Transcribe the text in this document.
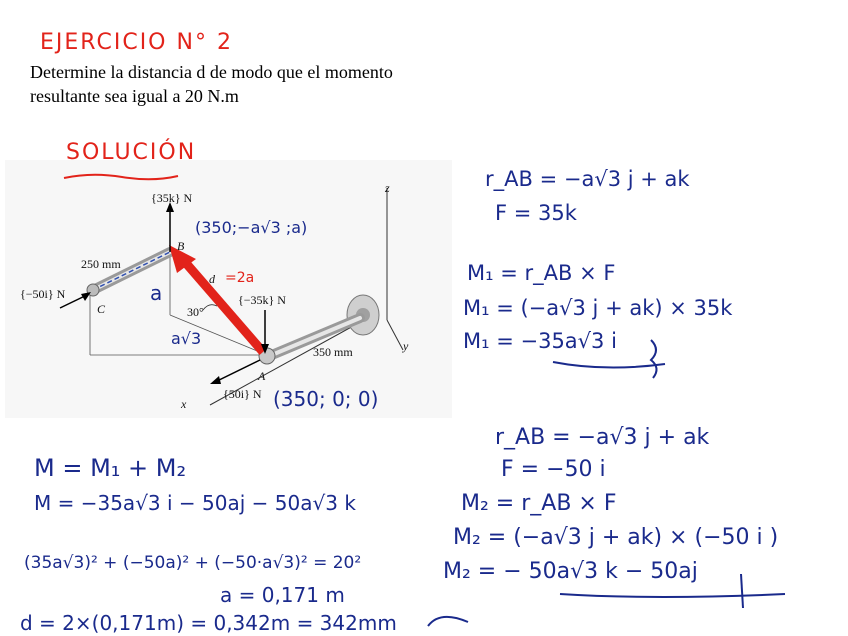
EJERCICIO N° 2
Determine la distancia d de modo que el momento
resultante sea igual a 20 N.m
{35k} N
B
250 mm
{−50i} N
C
d
{−35k} N
30°
z
y
350 mm
A
x
{50i} N
(350;−a√3 ;a)
=2a
a
a√3
(350; 0; 0)
SOLUCIÓN
r_AB = −a√3 j + ak
F = 35k
M₁ = r_AB × F
M₁ = (−a√3 j + ak) × 35k
M₁ = −35a√3 i
r_AB = −a√3 j + ak
F = −50 i
M₂ = r_AB × F
M₂ = (−a√3 j + ak) × (−50 i )
M₂ = − 50a√3 k − 50aj
M = M₁ + M₂
M = −35a√3 i − 50aj − 50a√3 k
(35a√3)² + (−50a)² + (−50·a√3)² = 20²
a = 0,171 m
d = 2×(0,171m) = 0,342m = 342mm
